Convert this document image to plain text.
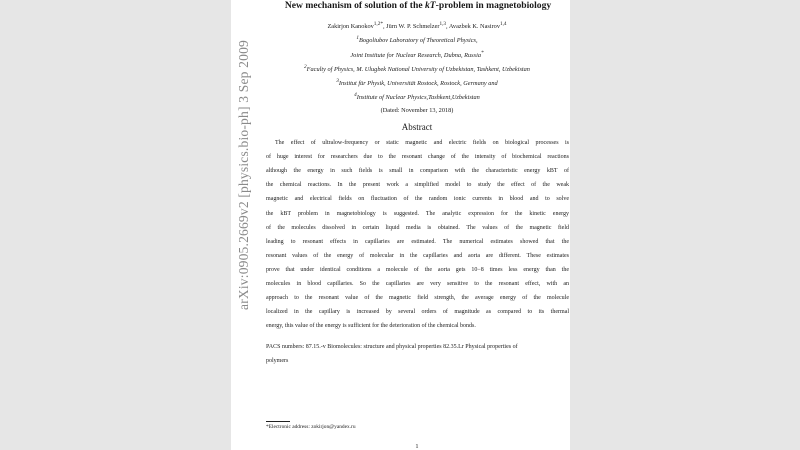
arXiv:0905.2669v2 [physics.bio-ph] 3 Sep 2009
New mechanism of solution of the kT-problem in magnetobiology
Zakirjon Kanokov$^{1,2*}$, Jürn W. P. Schmelzer$^{1,3}$, Avazbek K. Nasirov$^{1,4}$
$^1$Bogoliubov Laboratory of Theoretical Physics,
Joint Institute for Nuclear Research, Dubna, Russia*
$^2$Faculty of Physics, M. Ulugbek National University of Uzbekistan, Tashkent, Uzbekistan
$^3$Institut für Physik, Universität Rostock, Rostock, Germany and
$^4$Institute of Nuclear Physics,Tashkent,Uzbekistan
(Dated: November 13, 2018)
Abstract
The effect of ultralow-frequency or static magnetic and electric fields on biological processes is
of huge interest for researchers due to the resonant change of the intensity of biochemical reactions
although the energy in such fields is small in comparison with the characteristic energy kBT of
the chemical reactions. In the present work a simplified model to study the effect of the weak
magnetic and electrical fields on fluctuation of the random ionic currents in blood and to solve
the kBT problem in magnetobiology is suggested. The analytic expression for the kinetic energy
of the molecules dissolved in certain liquid media is obtained. The values of the magnetic field
leading to resonant effects in capillaries are estimated. The numerical estimates showed that the
resonant values of the energy of molecular in the capillaries and aorta are different. These estimates
prove that under identical conditions a molecule of the aorta gets 10−8 times less energy than the
molecules in blood capillaries. So the capillaries are very sensitive to the resonant effect, with an
approach to the resonant value of the magnetic field strength, the average energy of the molecule
localized in the capillary is increased by several orders of magnitude as compared to its thermal
energy, this value of the energy is sufficient for the deterioration of the chemical bonds.
PACS numbers: 87.15.-v Biomolecules: structure and physical properties 82.35.Lr Physical properties of
polymers
*Electronic address: zokirjon@yandex.ru
1
